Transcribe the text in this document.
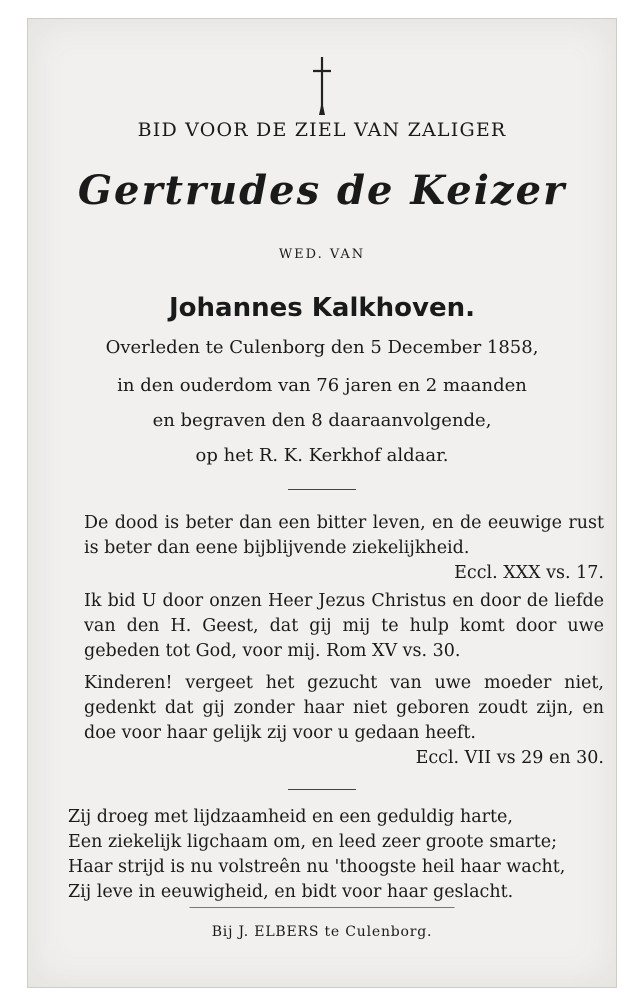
BID VOOR DE ZIEL VAN ZALIGER
Gertrudes de Keizer
WED. VAN
Johannes Kalkhoven.
Overleden te Culenborg den 5 December 1858,
in den ouderdom van 76 jaren en 2 maanden
en begraven den 8 daaraanvolgende,
op het R. K. Kerkhof aldaar.

De dood is beter dan een bitter leven, en de eeuwige rust is beter dan eene bijblijvende ziekelijkheid.

Eccl. XXX vs. 17.

Ik bid U door onzen Heer Jezus Christus en door de liefde van den H. Geest, dat gij mij te hulp komt door uwe gebeden tot God, voor mij. Rom XV vs. 30.

Kinderen! vergeet het gezucht van uwe moeder niet, gedenkt dat gij zonder haar niet geboren zoudt zijn, en doe voor haar gelijk zij voor u gedaan heeft.

Eccl. VII vs 29 en 30.

Zij droeg met lijdzaamheid en een geduldig harte,

Een ziekelijk ligchaam om, en leed zeer groote smarte;

Haar strijd is nu volstreên nu 'thoogste heil haar wacht,

Zij leve in eeuwigheid, en bidt voor haar geslacht.

Bij J. ELBERS te Culenborg.
